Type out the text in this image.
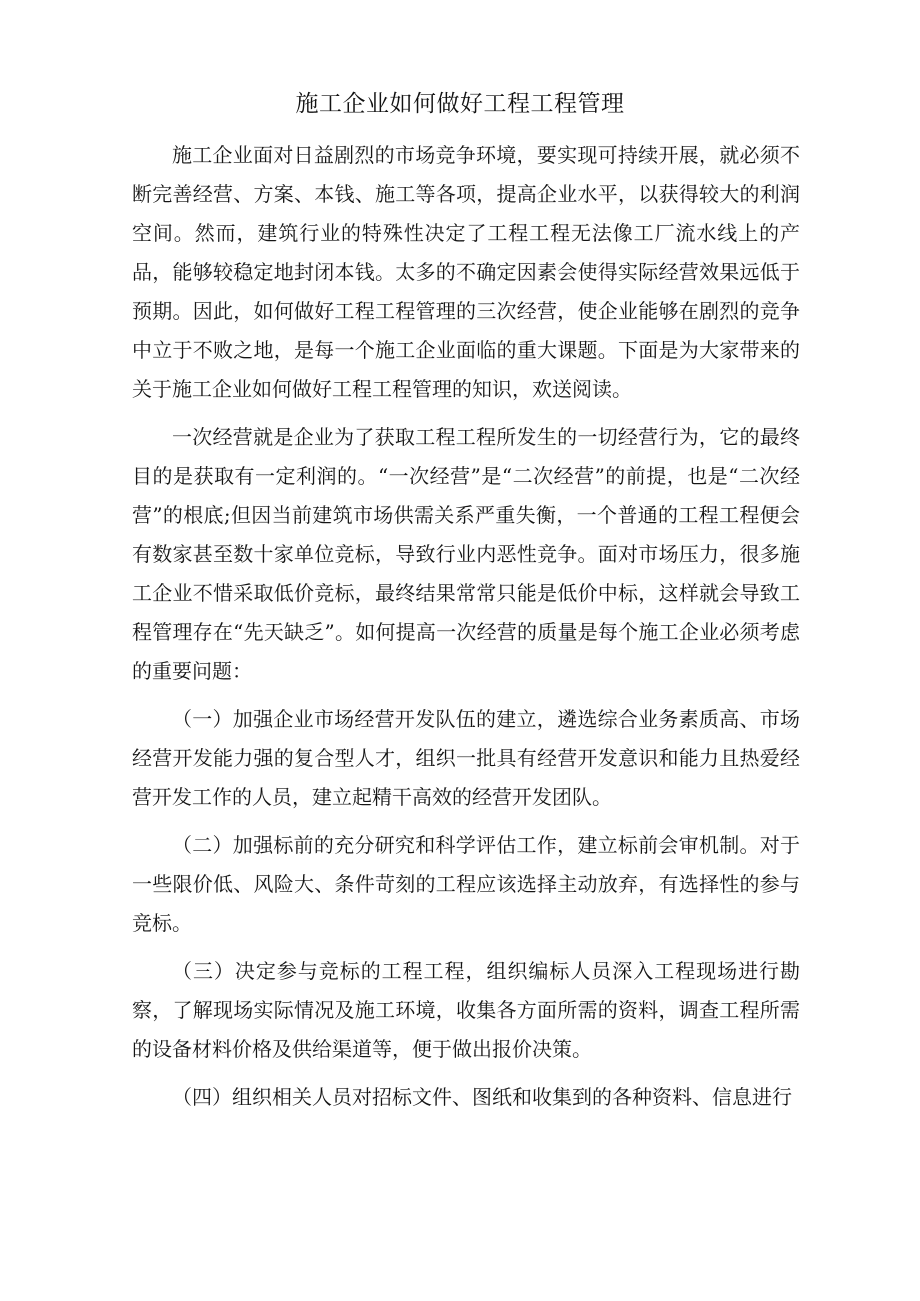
施工企业如何做好工程工程管理

施工企业面对日益剧烈的市场竞争环境，要实现可持续开展，就必须不断完善经营、方案、本钱、施工等各项，提高企业水平，以获得较大的利润空间。然而，建筑行业的特殊性决定了工程工程无法像工厂流水线上的产品，能够较稳定地封闭本钱。太多的不确定因素会使得实际经营效果远低于预期。因此，如何做好工程工程管理的三次经营，使企业能够在剧烈的竞争中立于不败之地，是每一个施工企业面临的重大课题。下面是为大家带来的关于施工企业如何做好工程工程管理的知识，欢送阅读。

一次经营就是企业为了获取工程工程所发生的一切经营行为，它的最终目的是获取有一定利润的。“一次经营”是“二次经营”的前提，也是“二次经营”的根底;但因当前建筑市场供需关系严重失衡，一个普通的工程工程便会有数家甚至数十家单位竞标，导致行业内恶性竞争。面对市场压力，很多施工企业不惜采取低价竞标，最终结果常常只能是低价中标，这样就会导致工程管理存在“先天缺乏”。如何提高一次经营的质量是每个施工企业必须考虑的重要问题：

（一）加强企业市场经营开发队伍的建立，遴选综合业务素质高、市场经营开发能力强的复合型人才，组织一批具有经营开发意识和能力且热爱经营开发工作的人员，建立起精干高效的经营开发团队。

（二）加强标前的充分研究和科学评估工作，建立标前会审机制。对于一些限价低、风险大、条件苛刻的工程应该选择主动放弃，有选择性的参与竞标。

（三）决定参与竞标的工程工程，组织编标人员深入工程现场进行勘察，了解现场实际情况及施工环境，收集各方面所需的资料，调查工程所需的设备材料价格及供给渠道等，便于做出报价决策。

（四）组织相关人员对招标文件、图纸和收集到的各种资料、信息进行
